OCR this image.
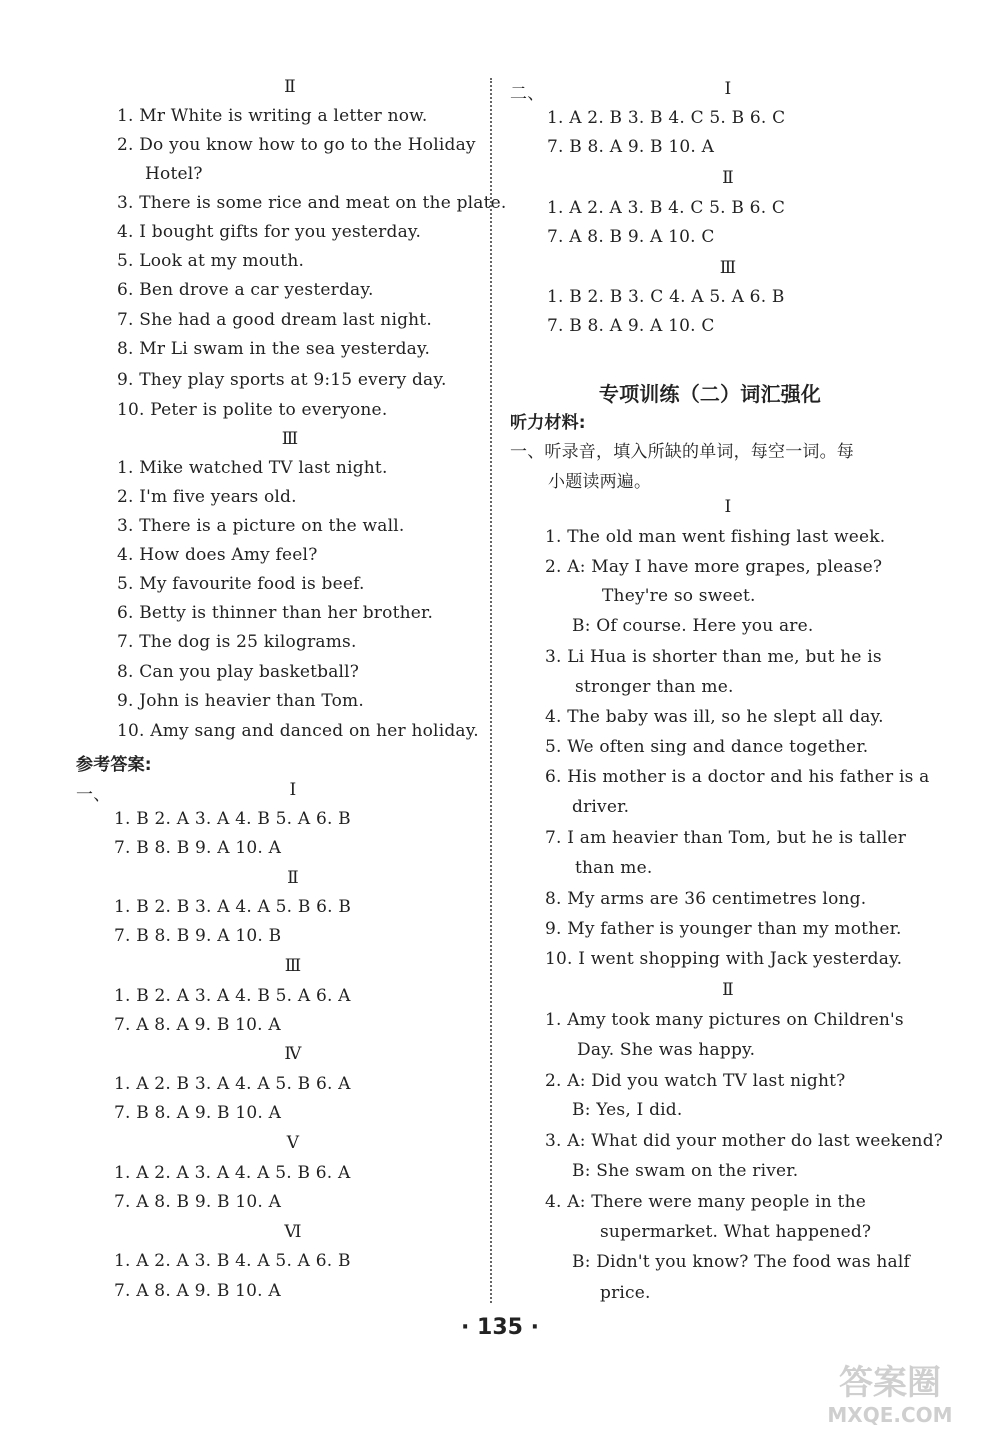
Ⅱ
1. Mr White is writing a letter now.
2. Do you know how to go to the Holiday
Hotel?
3. There is some rice and meat on the plate.
4. I bought gifts for you yesterday.
5. Look at my mouth.
6. Ben drove a car yesterday.
7. She had a good dream last night.
8. Mr Li swam in the sea yesterday.
9. They play sports at 9:15 every day.
10. Peter is polite to everyone.
Ⅲ
1. Mike watched TV last night.
2. I'm five years old.
3. There is a picture on the wall.
4. How does Amy feel?
5. My favourite food is beef.
6. Betty is thinner than her brother.
7. The dog is 25 kilograms.
8. Can you play basketball?
9. John is heavier than Tom.
10. Amy sang and danced on her holiday.
参考答案:
一、	Ⅰ
1. B 2. A 3. A 4. B 5. A 6. B
7. B 8. B 9. A 10. A
Ⅱ
1. B 2. B 3. A 4. A 5. B 6. B
7. B 8. B 9. A 10. B
Ⅲ
1. B 2. A 3. A 4. B 5. A 6. A
7. A 8. A 9. B 10. A
Ⅳ
1. A 2. B 3. A 4. A 5. B 6. A
7. B 8. A 9. B 10. A
Ⅴ
1. A 2. A 3. A 4. A 5. B 6. A
7. A 8. B 9. B 10. A
Ⅵ
1. A 2. A 3. B 4. A 5. A 6. B
7. A 8. A 9. B 10. A
二、	Ⅰ
1. A 2. B 3. B 4. C 5. B 6. C
7. B 8. A 9. B 10. A
Ⅱ
1. A 2. A 3. B 4. C 5. B 6. C
7. A 8. B 9. A 10. C
Ⅲ
1. B 2. B 3. C 4. A 5. A 6. B
7. B 8. A 9. A 10. C
专项训练（二）词汇强化
听力材料:
一、听录音，填入所缺的单词，每空一词。每
小题读两遍。
Ⅰ
1. The old man went fishing last week.
2. A: May I have more grapes, please?
They're so sweet.
B: Of course. Here you are.
3. Li Hua is shorter than me, but he is
stronger than me.
4. The baby was ill, so he slept all day.
5. We often sing and dance together.
6. His mother is a doctor and his father is a
driver.
7. I am heavier than Tom, but he is taller
than me.
8. My arms are 36 centimetres long.
9. My father is younger than my mother.
10. I went shopping with Jack yesterday.
Ⅱ
1. Amy took many pictures on Children's
Day. She was happy.
2. A: Did you watch TV last night?
B: Yes, I did.
3. A: What did your mother do last weekend?
B: She swam on the river.
4. A: There were many people in the
supermarket. What happened?
B: Didn't you know? The food was half
price.
· 135 ·
答案圈
MXQE.COM
